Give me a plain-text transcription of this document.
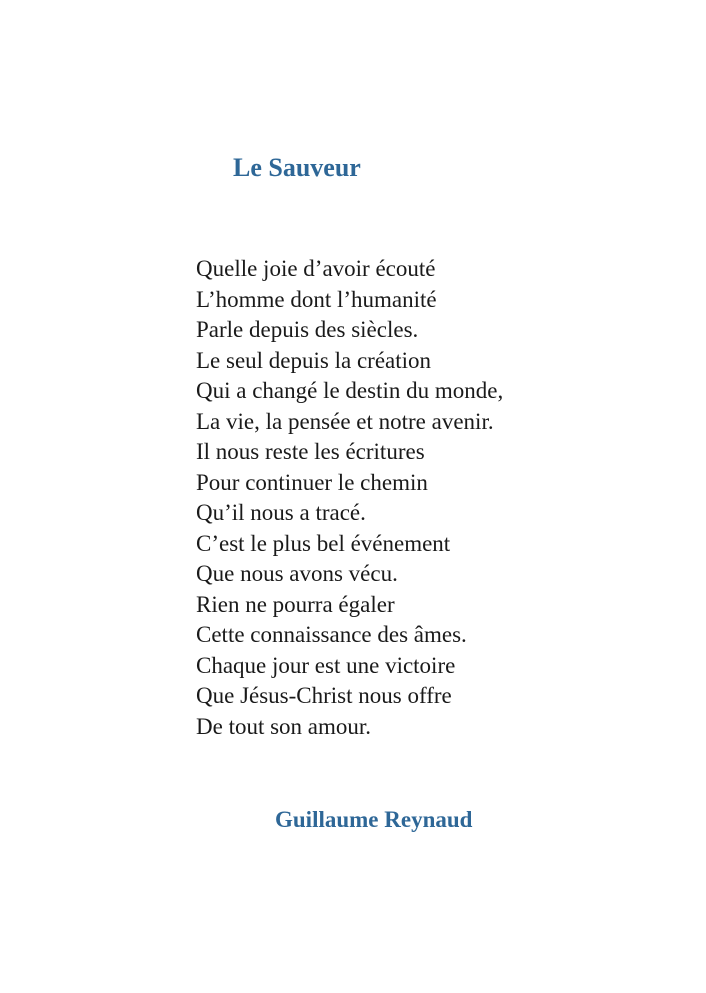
Le Sauveur
Quelle joie d’avoir écouté
L’homme dont l’humanité
Parle depuis des siècles.
Le seul depuis la création
Qui a changé le destin du monde,
La vie, la pensée et notre avenir.
Il nous reste les écritures
Pour continuer le chemin
Qu’il nous a tracé.
C’est le plus bel événement
Que nous avons vécu.
Rien ne pourra égaler
Cette connaissance des âmes.
Chaque jour est une victoire
Que Jésus-Christ nous offre
De tout son amour.

Guillaume Reynaud
